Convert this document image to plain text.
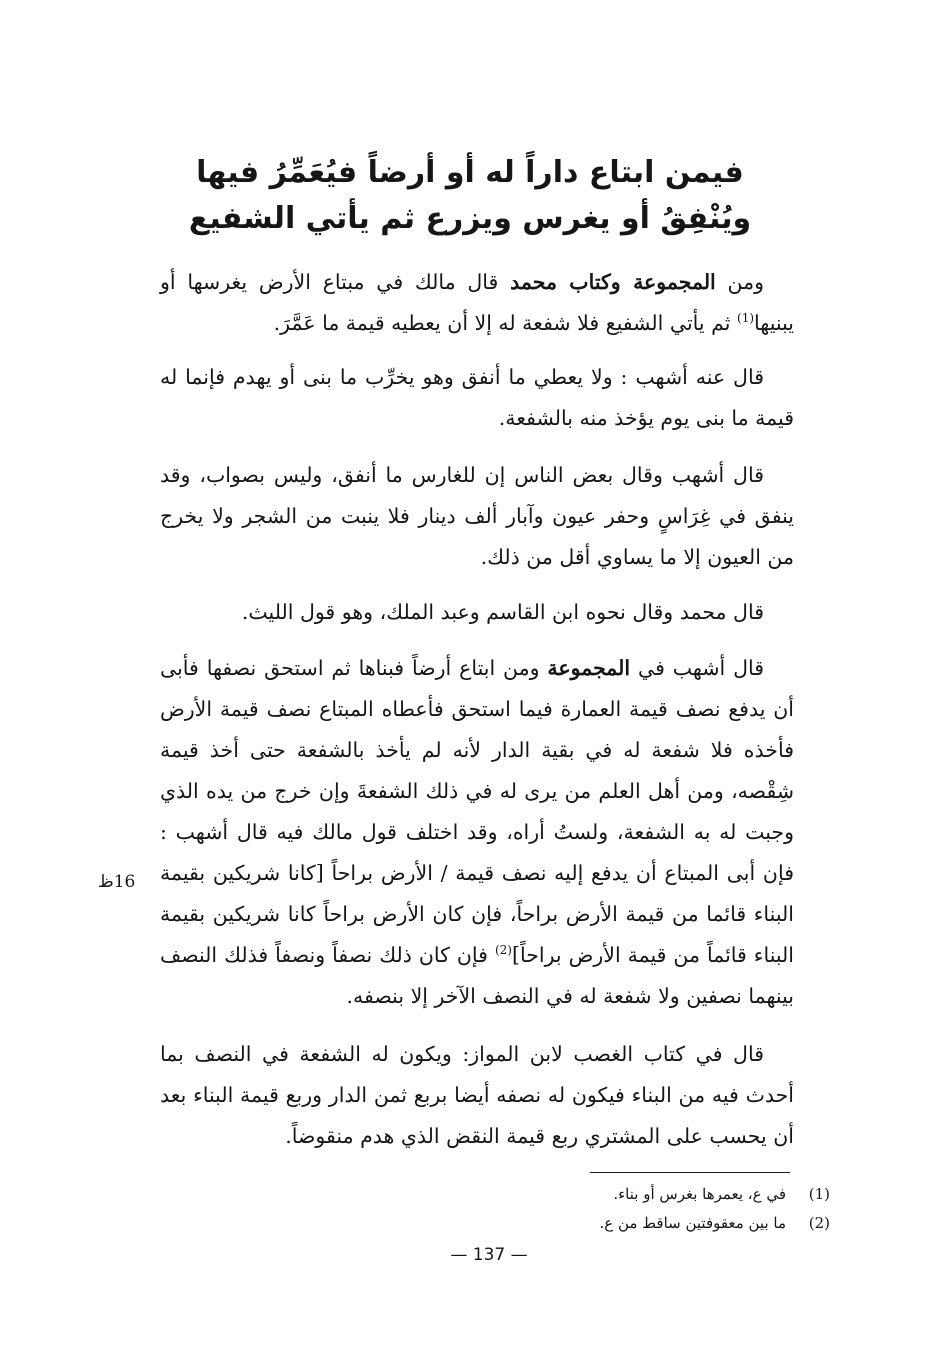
فيمن ابتاع داراً له أو أرضاً فيُعَمِّرُ فيها
ويُنْفِقُ أو يغرس ويزرع ثم يأتي الشفيع

ومن المجموعة وكتاب محمد قال مالك في مبتاع الأرض يغرسها أو يبنيها$^{(1)}$ ثم يأتي الشفيع فلا شفعة له إلا أن يعطيه قيمة ما عَمَّرَ.

قال عنه أشهب : ولا يعطي ما أنفق وهو يخرِّب ما بنى أو يهدم فإنما له قيمة ما بنى يوم يؤخذ منه بالشفعة.

قال أشهب وقال بعض الناس إن للغارس ما أنفق، وليس بصواب، وقد ينفق في غِرَاسٍ وحفر عيون وآبار ألف دينار فلا ينبت من الشجر ولا يخرج من العيون إلا ما يساوي أقل من ذلك.

قال محمد وقال نحوه ابن القاسم وعبد الملك، وهو قول الليث.

قال أشهب في المجموعة ومن ابتاع أرضاً فبناها ثم استحق نصفها فأبى أن يدفع نصف قيمة العمارة فيما استحق فأعطاه المبتاع نصف قيمة الأرض فأخذه فلا شفعة له في بقية الدار لأنه لم يأخذ بالشفعة حتى أخذ قيمة شِقْصه، ومن أهل العلم من يرى له في ذلك الشفعةَ وإن خرج من يده الذي وجبت له به الشفعة، ولستُ أراه، وقد اختلف قول مالك فيه قال أشهب : فإن أبى المبتاع أن يدفع إليه نصف قيمة / الأرض براحاً [كانا شريكين بقيمة البناء قائما من قيمة الأرض براحاً، فإن كان الأرض براحاً كانا شريكين بقيمة البناء قائماً من قيمة الأرض براحاً]$^{(2)}$ فإن كان ذلك نصفاً ونصفاً فذلك النصف بينهما نصفين ولا شفعة له في النصف الآخر إلا بنصفه.

قال في كتاب الغصب لابن المواز: ويكون له الشفعة في النصف بما أحدث فيه من البناء فيكون له نصفه أيضا بربع ثمن الدار وربع قيمة البناء بعد أن يحسب على المشتري ربع قيمة النقض الذي هدم منقوضاً.

16ظ
(1)
في ع، يعمرها بغرس أو بناء.
(2)
ما بين معقوفتين ساقط من ع.
— 137 —
